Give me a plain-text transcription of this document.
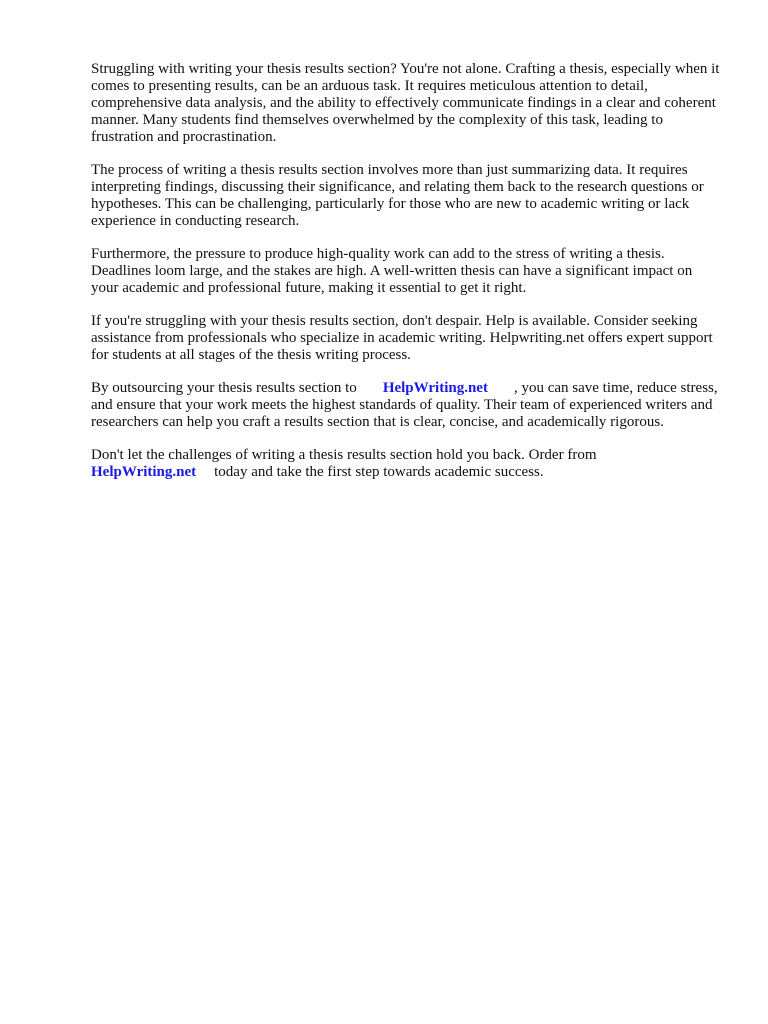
Struggling with writing your thesis results section? You're not alone. Crafting a thesis, especially when it comes to presenting results, can be an arduous task. It requires meticulous attention to detail, comprehensive data analysis, and the ability to effectively communicate findings in a clear and coherent manner. Many students find themselves overwhelmed by the complexity of this task, leading to frustration and procrastination.

The process of writing a thesis results section involves more than just summarizing data. It requires interpreting findings, discussing their significance, and relating them back to the research questions or hypotheses. This can be challenging, particularly for those who are new to academic writing or lack experience in conducting research.

Furthermore, the pressure to produce high-quality work can add to the stress of writing a thesis. Deadlines loom large, and the stakes are high. A well-written thesis can have a significant impact on your academic and professional future, making it essential to get it right.

If you're struggling with your thesis results section, don't despair. Help is available. Consider seeking assistance from professionals who specialize in academic writing. Helpwriting.net offers expert support for students at all stages of the thesis writing process.

By outsourcing your thesis results section to HelpWriting.net , you can save time, reduce stress, and ensure that your work meets the highest standards of quality. Their team of experienced writers and researchers can help you craft a results section that is clear, concise, and academically rigorous.

Don't let the challenges of writing a thesis results section hold you back. Order from
HelpWriting.net today and take the first step towards academic success.
